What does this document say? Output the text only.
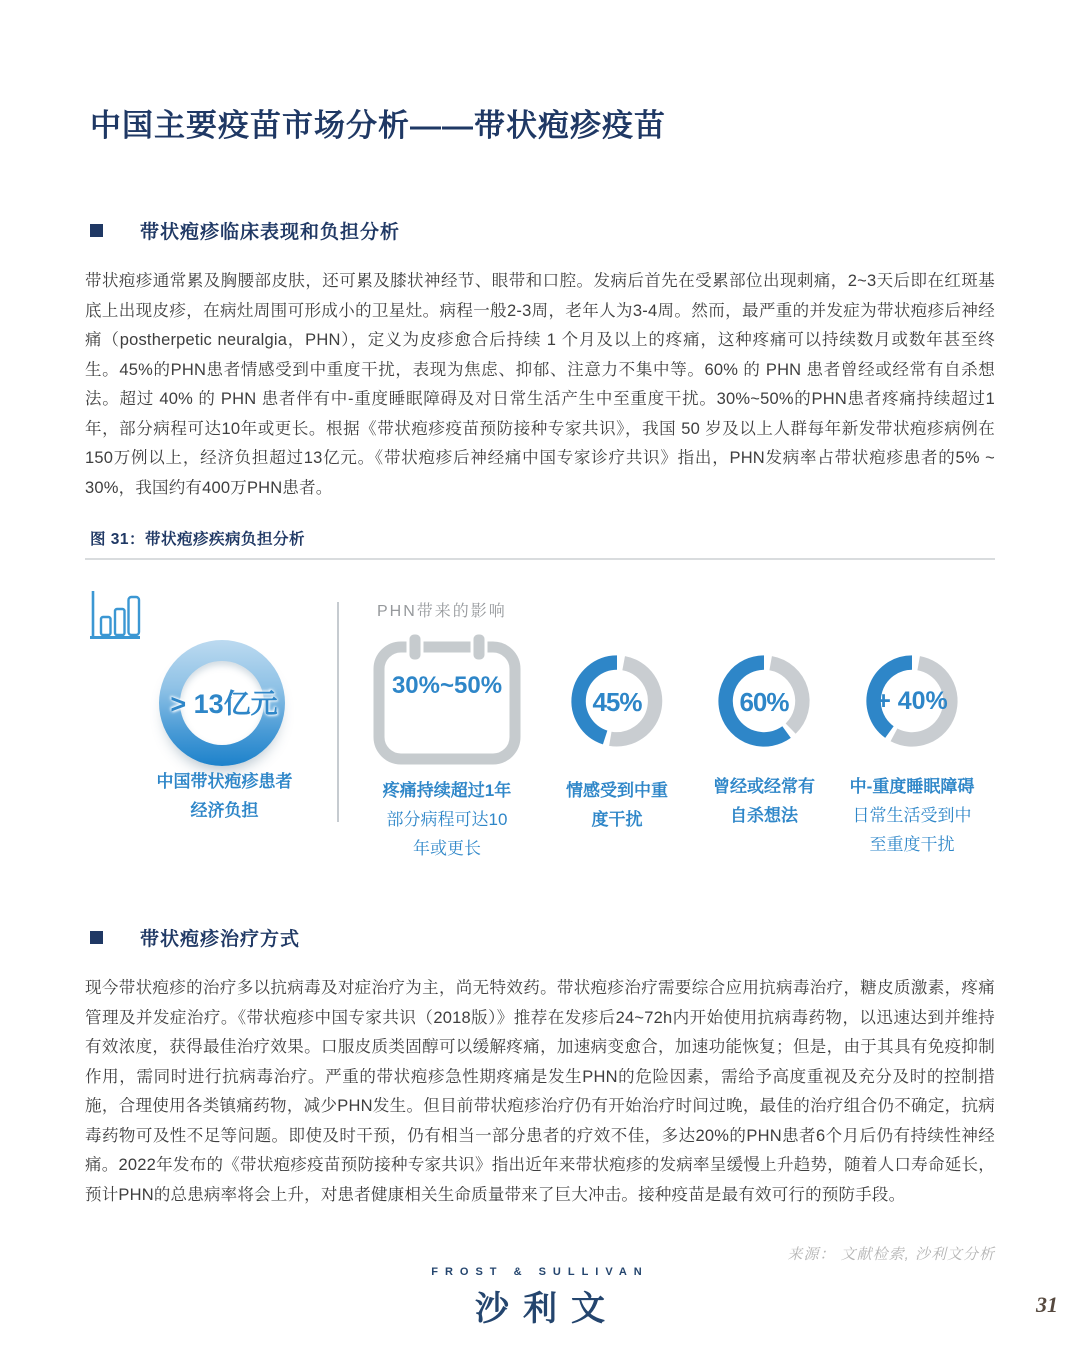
中国主要疫苗市场分析——带状疱疹疫苗
带状疱疹临床表现和负担分析

带状疱疹通常累及胸腰部皮肤，还可累及膝状神经节、眼带和口腔。发病后首先在受累部位出现刺痛，2~3天后即在红斑基底上出现皮疹，在病灶周围可形成小的卫星灶。病程一般2-3周，老年人为3-4周。然而，最严重的并发症为带状疱疹后神经痛（postherpetic neuralgia，PHN），定义为皮疹愈合后持续 1 个月及以上的疼痛，这种疼痛可以持续数月或数年甚至终生。45%的PHN患者情感受到中重度干扰，表现为焦虑、抑郁、注意力不集中等。60% 的 PHN 患者曾经或经常有自杀想法。超过 40% 的 PHN 患者伴有中-重度睡眠障碍及对日常生活产生中至重度干扰。30%~50%的PHN患者疼痛持续超过1年，部分病程可达10年或更长。根据《带状疱疹疫苗预防接种专家共识》，我国 50 岁及以上人群每年新发带状疱疹病例在150万例以上，经济负担超过13亿元。《带状疱疹后神经痛中国专家诊疗共识》指出，PHN发病率占带状疱疹患者的5% ~ 30%，我国约有400万PHN患者。

图 31：带状疱疹疾病负担分析
> 13亿元
中国带状疱疹患者
经济负担
PHN带来的影响
30%~50%
疼痛持续超过1年
部分病程可达10
年或更长
45%
情感受到中重
度干扰
60%
曾经或经常有
自杀想法
+ 40%
中-重度睡眠障碍
日常生活受到中
至重度干扰
带状疱疹治疗方式

现今带状疱疹的治疗多以抗病毒及对症治疗为主，尚无特效药。带状疱疹治疗需要综合应用抗病毒治疗，糖皮质激素，疼痛管理及并发症治疗。《带状疱疹中国专家共识（2018版）》推荐在发疹后24~72h内开始使用抗病毒药物，以迅速达到并维持有效浓度，获得最佳治疗效果。口服皮质类固醇可以缓解疼痛，加速病变愈合，加速功能恢复；但是，由于其具有免疫抑制作用，需同时进行抗病毒治疗。严重的带状疱疹急性期疼痛是发生PHN的危险因素，需给予高度重视及充分及时的控制措施，合理使用各类镇痛药物，减少PHN发生。但目前带状疱疹治疗仍有开始治疗时间过晚，最佳的治疗组合仍不确定，抗病毒药物可及性不足等问题。即使及时干预，仍有相当一部分患者的疗效不佳，多达20%的PHN患者6个月后仍有持续性神经痛。2022年发布的《带状疱疹疫苗预防接种专家共识》指出近年来带状疱疹的发病率呈缓慢上升趋势，随着人口寿命延长，预计PHN的总患病率将会上升，对患者健康相关生命质量带来了巨大冲击。接种疫苗是最有效可行的预防手段。

来源： 文献检索, 沙利文分析
FROST & SULLIVAN
沙利文	31
